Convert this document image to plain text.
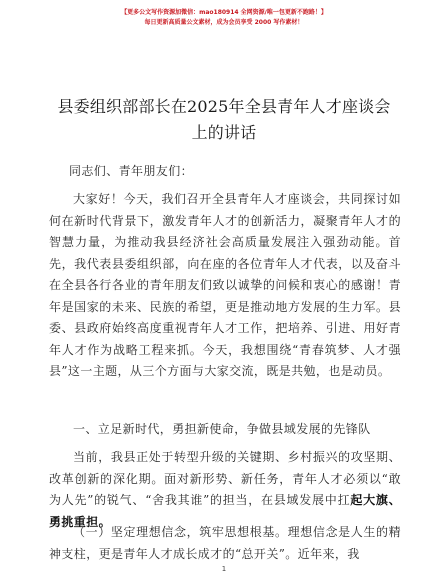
【更多公文写作资源加微信：mao180914 全网资源∕唯一包更新不跑路！】
每日更新高质量公文素材，成为会员享受 2000 写作素材！
县委组织部部长在2025年全县青年人才座谈会
上的讲话
同志们、青年朋友们：
大家好！今天，我们召开全县青年人才座谈会，共同探讨如何在新时代背景下，激发青年人才的创新活力，凝聚青年人才的智慧力量，为推动我县经济社会高质量发展注入强劲动能。首先，我代表县委组织部，向在座的各位青年人才代表，以及奋斗在全县各行各业的青年朋友们致以诚挚的问候和衷心的感谢！青年是国家的未来、民族的希望，更是推动地方发展的生力军。县委、县政府始终高度重视青年人才工作，把培养、引进、用好青年人才作为战略工程来抓。今天，我想围绕“青春筑梦、人才强县”这一主题，从三个方面与大家交流，既是共勉，也是动员。
一、立足新时代，勇担新使命，争做县域发展的先锋队
当前，我县正处于转型升级的关键期、乡村振兴的攻坚期、改革创新的深化期。面对新形势、新任务，青年人才必须以“敢为人先”的锐气、“舍我其谁”的担当，在县域发展中扛起大旗、勇挑重担。
（一）坚定理想信念，筑牢思想根基。理想信念是人生的精神支柱，更是青年人才成长成才的“总开关”。近年来，我
1
